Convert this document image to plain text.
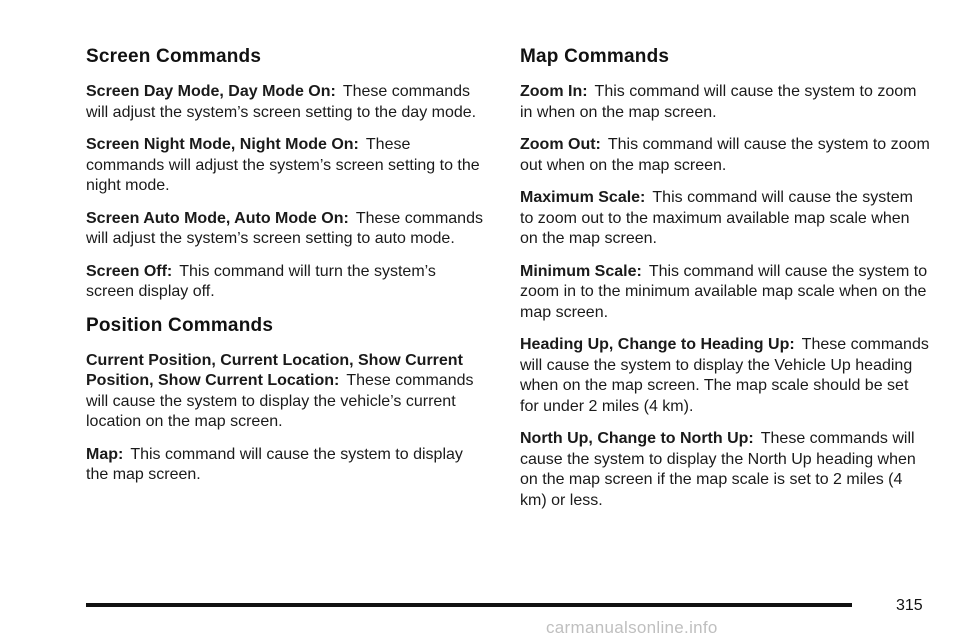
Screen Commands

Screen Day Mode, Day Mode On: These commands will adjust the system’s screen setting to the day mode.

Screen Night Mode, Night Mode On: These commands will adjust the system’s screen setting to the night mode.

Screen Auto Mode, Auto Mode On: These commands will adjust the system’s screen setting to auto mode.

Screen Off: This command will turn the system’s screen display off.

Position Commands

Current Position, Current Location, Show Current Position, Show Current Location: These commands will cause the system to display the vehicle’s current location on the map screen.

Map: This command will cause the system to display the map screen.

Map Commands

Zoom In: This command will cause the system to zoom in when on the map screen.

Zoom Out: This command will cause the system to zoom out when on the map screen.

Maximum Scale: This command will cause the system to zoom out to the maximum available map scale when on the map screen.

Minimum Scale: This command will cause the system to zoom in to the minimum available map scale when on the map screen.

Heading Up, Change to Heading Up: These commands will cause the system to display the Vehicle Up heading when on the map screen. The map scale should be set for under 2 miles (4 km).

North Up, Change to North Up: These commands will cause the system to display the North Up heading when on the map screen if the map scale is set to 2 miles (4 km) or less.

315
carmanualsonline.info
